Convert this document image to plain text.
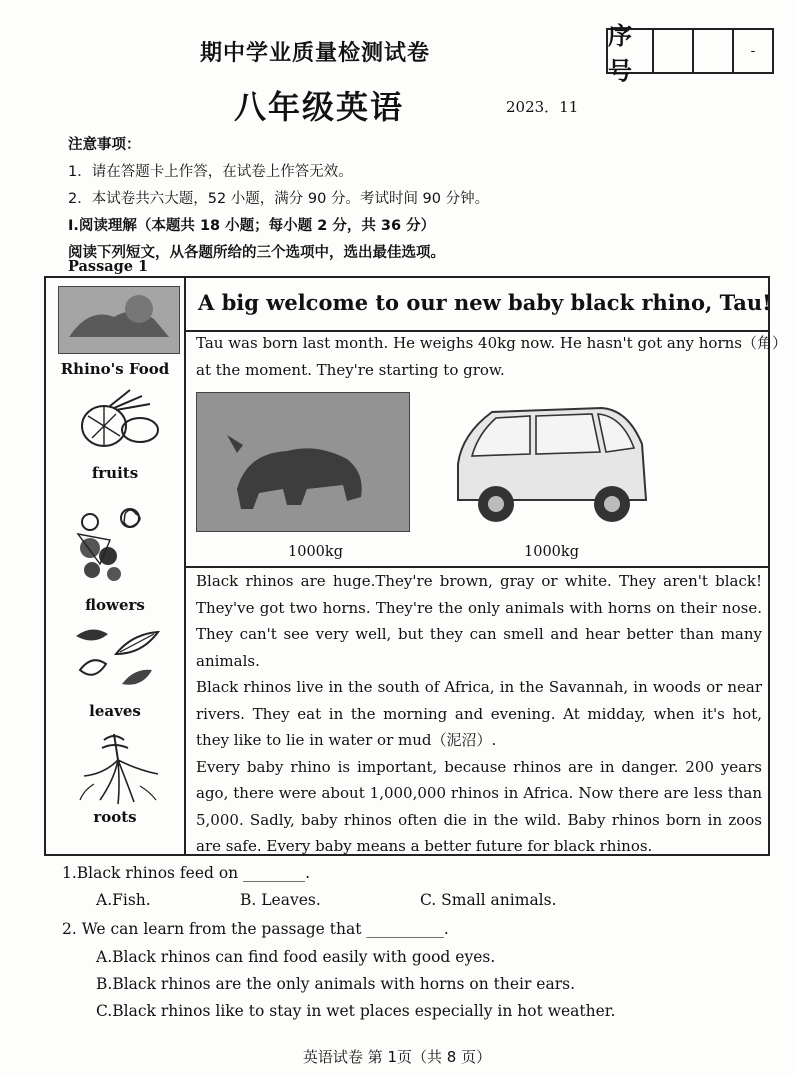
期中学业质量检测试卷
八年级英语	2023．11
序号
-
注意事项：
1．请在答题卡上作答，在试卷上作答无效。
2．本试卷共六大题，52 小题，满分 90 分。考试时间 90 分钟。
I.阅读理解（本题共 18 小题；每小题 2 分，共 36 分）
阅读下列短文，从各题所给的三个选项中，选出最佳选项。
Passage 1
Rhino's Food
fruits
flowers
leaves
roots
A big welcome to our new baby black rhino, Tau!
Tau was born last month. He weighs 40kg now. He hasn't got any horns（角）
at the moment. They're starting to grow.
1000kg	1000kg

Black rhinos are huge.They're brown, gray or white. They aren't black! They've got two horns. They're the only animals with horns on their nose. They can't see very well, but they can smell and hear better than many animals.

Black rhinos live in the south of Africa, in the Savannah, in woods or near rivers. They eat in the morning and evening. At midday, when it's hot, they like to lie in water or mud（泥沼）.

Every baby rhino is important, because rhinos are in danger. 200 years ago, there were about 1,000,000 rhinos in Africa. Now there are less than 5,000. Sadly, baby rhinos often die in the wild. Baby rhinos born in zoos are safe. Every baby means a better future for black rhinos.

1.Black rhinos feed on ________.
A.Fish.	B. Leaves.	C. Small animals.
2. We can learn from the passage that __________.
A.Black rhinos can find food easily with good eyes.
B.Black rhinos are the only animals with horns on their ears.
C.Black rhinos like to stay in wet places especially in hot weather.
英语试卷 第 1页（共 8 页）
